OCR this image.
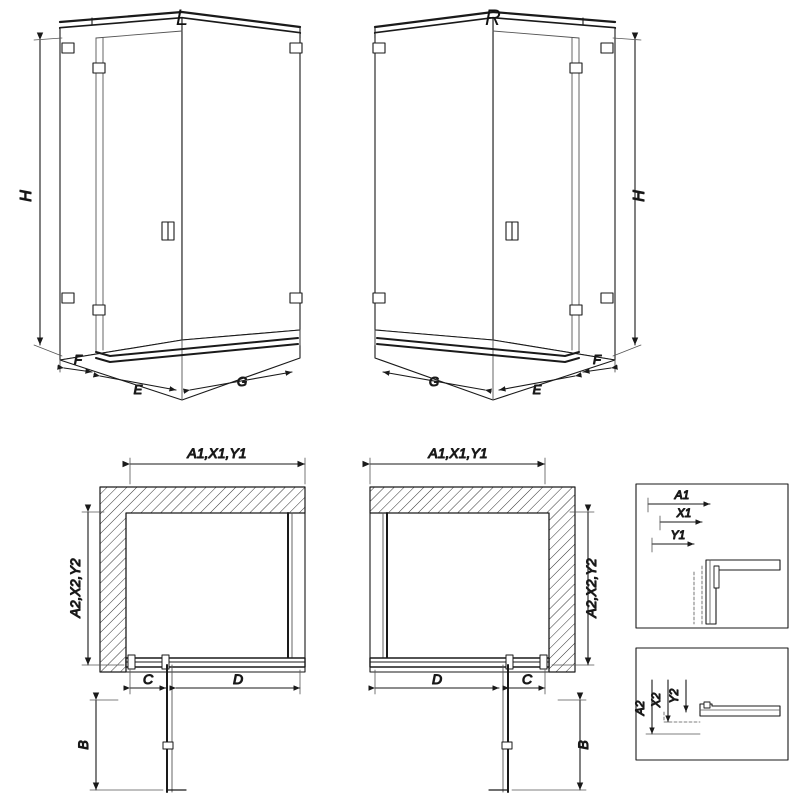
H
F
E
G
L
H
F
E
G
R
A1,X1,Y1
A2,X2,Y2
C	D
B
A1,X1,Y1
A2,X2,Y2
C
D
B
A1
X1
Y1
A2
X2 Y2
